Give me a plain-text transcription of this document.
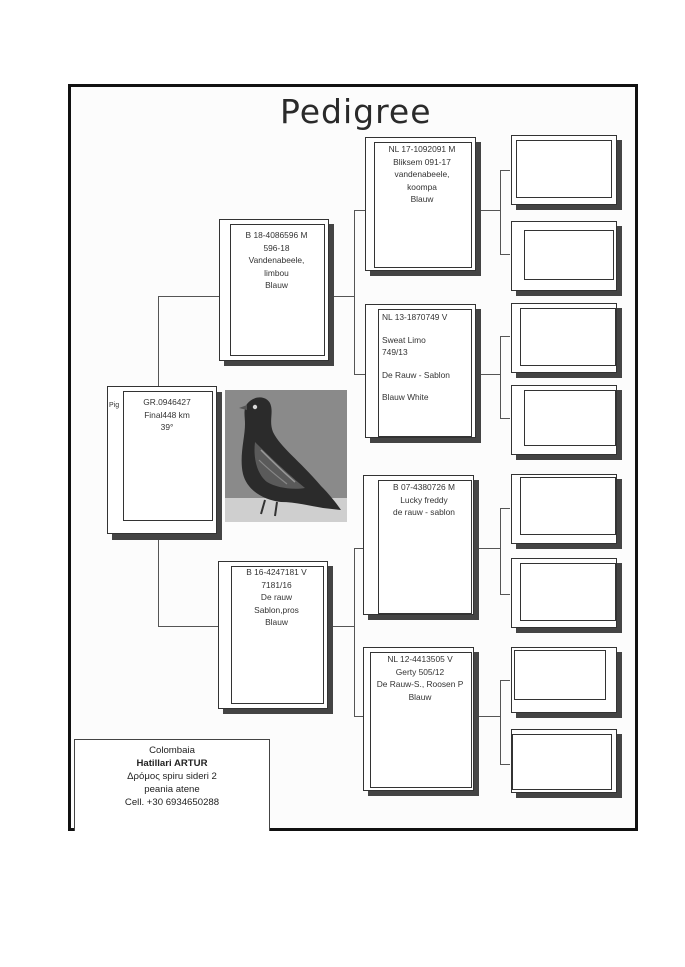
Pedigree
Pig	GR.0946427
Final448 km
39°
B 18-4086596 M
596-18
Vandenabeele,
limbou
Blauw
B 16-4247181 V
7181/16
De rauw
Sablon,pros
Blauw
NL 17-1092091 M
Bliksem 091-17
vandenabeele,
koompa
Blauw
NL 13-1870749 V
Sweat Limo
749/13
De Rauw - Sablon
Blauw White
B 07-4380726 M
Lucky freddy
de rauw - sablon
NL 12-4413505 V
Gerty 505/12
De Rauw-S., Roosen P
Blauw
Colombaia
Hatillari ARTUR
Δρόμος spiru sideri 2
peania atene
Cell. +30 6934650288
